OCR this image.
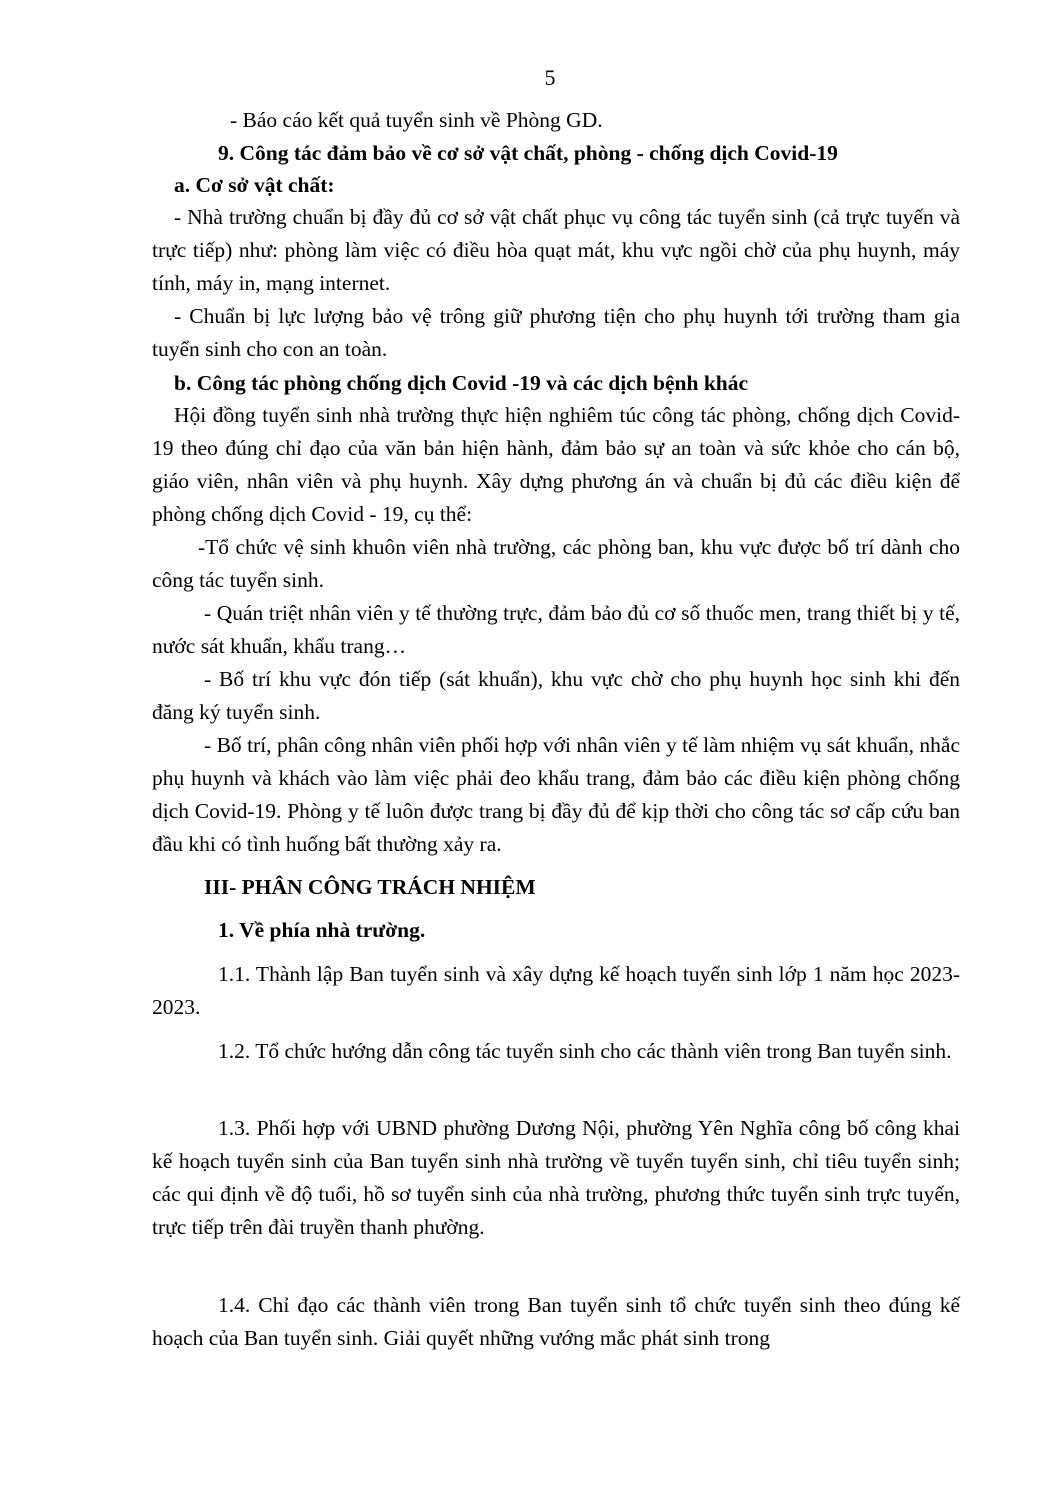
5
- Báo cáo kết quả tuyển sinh về Phòng GD.
9. Công tác đảm bảo về cơ sở vật chất, phòng - chống dịch Covid-19
a. Cơ sở vật chất:
- Nhà trường chuẩn bị đầy đủ cơ sở vật chất phục vụ công tác tuyển sinh (cả trực tuyến và trực tiếp) như: phòng làm việc có điều hòa quạt mát, khu vực ngồi chờ của phụ huynh, máy tính, máy in, mạng internet.
- Chuẩn bị lực lượng bảo vệ trông giữ phương tiện cho phụ huynh tới trường tham gia tuyển sinh cho con an toàn.
b. Công tác phòng chống dịch Covid -19 và các dịch bệnh khác
Hội đồng tuyển sinh nhà trường thực hiện nghiêm túc công tác phòng, chống dịch Covid-19 theo đúng chỉ đạo của văn bản hiện hành, đảm bảo sự an toàn và sức khỏe cho cán bộ, giáo viên, nhân viên và phụ huynh. Xây dựng phương án và chuẩn bị đủ các điều kiện để phòng chống dịch Covid - 19, cụ thể:
-Tổ chức vệ sinh khuôn viên nhà trường, các phòng ban, khu vực được bố trí dành cho công tác tuyển sinh.
- Quán triệt nhân viên y tế thường trực, đảm bảo đủ cơ số thuốc men, trang thiết bị y tế, nước sát khuẩn, khẩu trang…
- Bố trí khu vực đón tiếp (sát khuẩn), khu vực chờ cho phụ huynh học sinh khi đến đăng ký tuyển sinh.
- Bố trí, phân công nhân viên phối hợp với nhân viên y tế làm nhiệm vụ sát khuẩn, nhắc phụ huynh và khách vào làm việc phải đeo khẩu trang, đảm bảo các điều kiện phòng chống dịch Covid-19. Phòng y tế luôn được trang bị đầy đủ để kịp thời cho công tác sơ cấp cứu ban đầu khi có tình huống bất thường xảy ra.
III- PHÂN CÔNG TRÁCH NHIỆM
1. Về phía nhà trường.
1.1. Thành lập Ban tuyển sinh và xây dựng kế hoạch tuyển sinh lớp 1 năm học 2023- 2023.
1.2. Tổ chức hướng dẫn công tác tuyển sinh cho các thành viên trong Ban tuyển sinh.
1.3. Phối hợp với UBND phường Dương Nội, phường Yên Nghĩa công bố công khai kế hoạch tuyển sinh của Ban tuyển sinh nhà trường về tuyển tuyển sinh, chỉ tiêu tuyển sinh; các qui định về độ tuổi, hồ sơ tuyển sinh của nhà trường, phương thức tuyển sinh trực tuyến, trực tiếp trên đài truyền thanh phường.
1.4. Chỉ đạo các thành viên trong Ban tuyển sinh tổ chức tuyển sinh theo đúng kế hoạch của Ban tuyển sinh. Giải quyết những vướng mắc phát sinh trong
